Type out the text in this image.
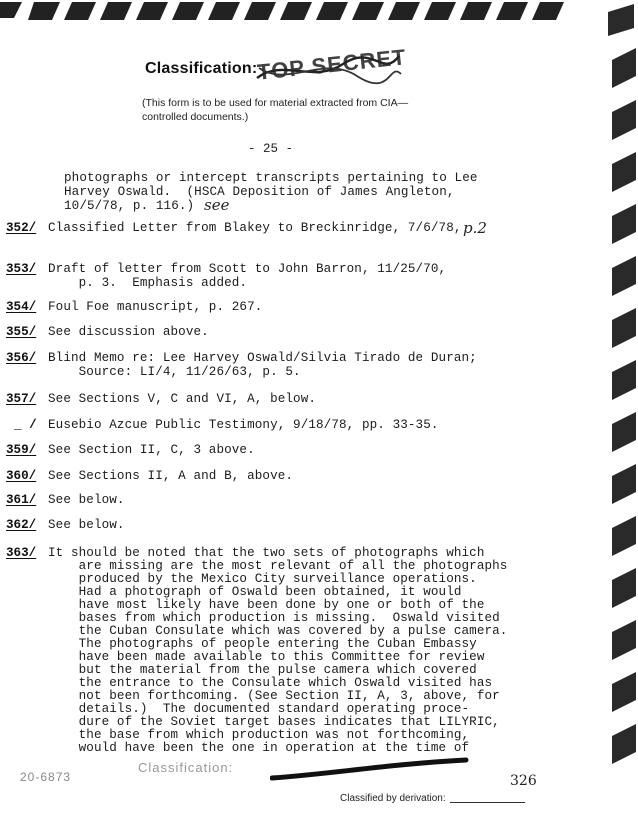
Classification:
TOP SECRET
(This form is to be used for material extracted from CIA—controlled documents.)
- 25 -
photographs or intercept transcripts pertaining to Lee
Harvey Oswald.  (HSCA Deposition of James Angleton,
10/5/78, p. 116.) see
352/ Classified Letter from Blakey to Breckinridge, 7/6/78, p.2
353/ Draft of letter from Scott to John Barron, 11/25/70,
p. 3.  Emphasis added.
354/ Foul Foe manuscript, p. 267.
355/ See discussion above.
356/ Blind Memo re: Lee Harvey Oswald/Silvia Tirado de Duran;
Source: LI/4, 11/26/63, p. 5.
357/ See Sections V, C and VI, A, below.
_ / Eusebio Azcue Public Testimony, 9/18/78, pp. 33-35.
359/ See Section II, C, 3 above.
360/ See Sections II, A and B, above.
361/ See below.
362/ See below.
363/ It should be noted that the two sets of photographs which
are missing are the most relevant of all the photographs
produced by the Mexico City surveillance operations.
Had a photograph of Oswald been obtained, it would
have most likely have been done by one or both of the
bases from which production is missing.  Oswald visited
the Cuban Consulate which was covered by a pulse camera.
The photographs of people entering the Cuban Embassy
have been made available to this Committee for review
but the material from the pulse camera which covered
the entrance to the Consulate which Oswald visited has
not been forthcoming. (See Section II, A, 3, above, for
details.)  The documented standard operating proce-
dure of the Soviet target bases indicates that LILYRIC,
the base from which production was not forthcoming,
would have been the one in operation at the time of
Classification:
20-6873	326
Classified by derivation:
